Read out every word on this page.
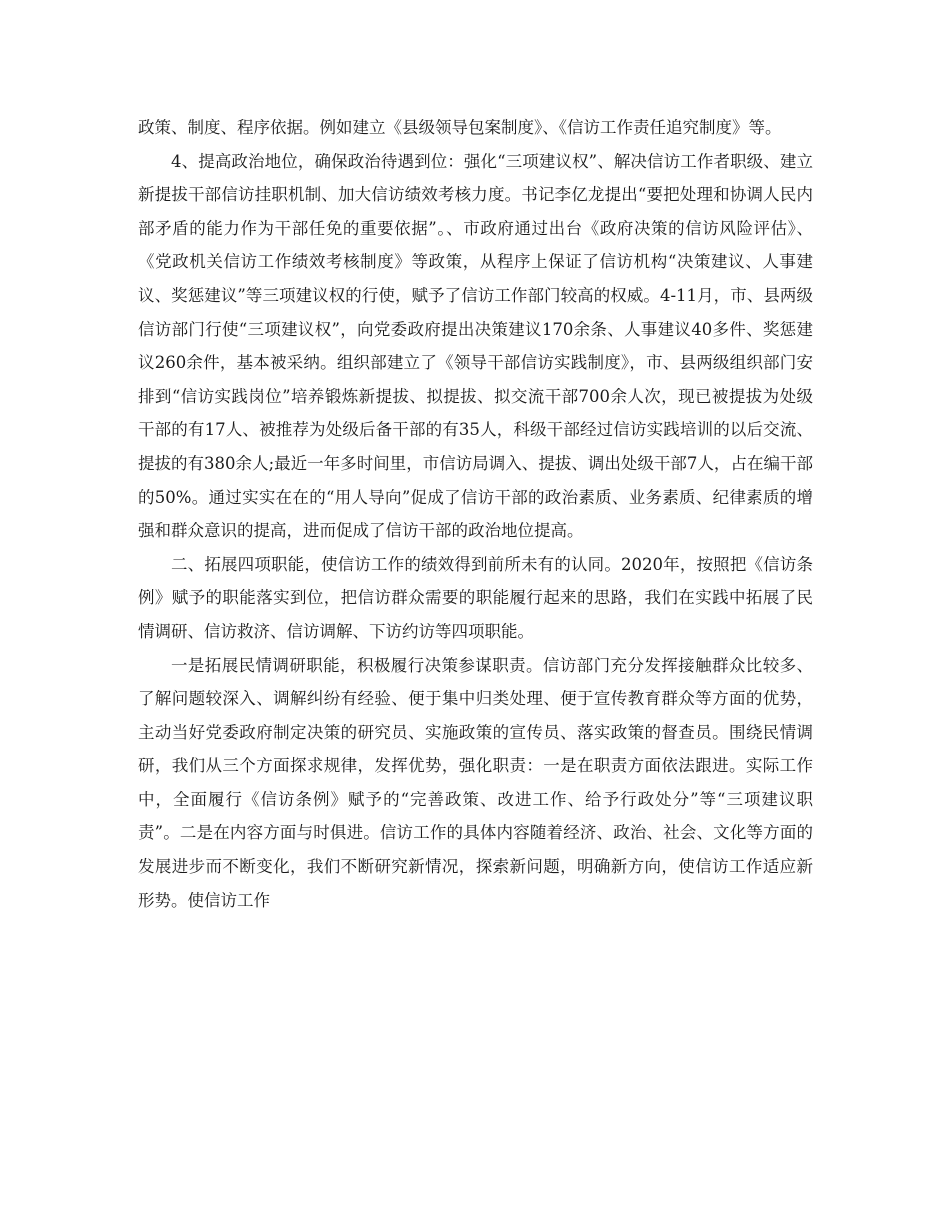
政策、制度、程序依据。例如建立《县级领导包案制度》、《信访工作责任追究制度》等。

4、提高政治地位，确保政治待遇到位：强化“三项建议权”、解决信访工作者职级、建立新提拔干部信访挂职机制、加大信访绩效考核力度。书记李亿龙提出“要把处理和协调人民内部矛盾的能力作为干部任免的重要依据”。、市政府通过出台《政府决策的信访风险评估》、《党政机关信访工作绩效考核制度》等政策，从程序上保证了信访机构“决策建议、人事建议、奖惩建议”等三项建议权的行使，赋予了信访工作部门较高的权威。4-11月，市、县两级信访部门行使“三项建议权”，向党委政府提出决策建议170余条、人事建议40多件、奖惩建议260余件，基本被采纳。组织部建立了《领导干部信访实践制度》，市、县两级组织部门安排到“信访实践岗位”培养锻炼新提拔、拟提拔、拟交流干部700余人次，现已被提拔为处级干部的有17人、被推荐为处级后备干部的有35人，科级干部经过信访实践培训的以后交流、提拔的有380余人;最近一年多时间里，市信访局调入、提拔、调出处级干部7人，占在编干部的50%。通过实实在在的“用人导向”促成了信访干部的政治素质、业务素质、纪律素质的增强和群众意识的提高，进而促成了信访干部的政治地位提高。

二、拓展四项职能，使信访工作的绩效得到前所未有的认同。2020年，按照把《信访条例》赋予的职能落实到位，把信访群众需要的职能履行起来的思路，我们在实践中拓展了民情调研、信访救济、信访调解、下访约访等四项职能。

一是拓展民情调研职能，积极履行决策参谋职责。信访部门充分发挥接触群众比较多、了解问题较深入、调解纠纷有经验、便于集中归类处理、便于宣传教育群众等方面的优势，主动当好党委政府制定决策的研究员、实施政策的宣传员、落实政策的督查员。围绕民情调研，我们从三个方面探求规律，发挥优势，强化职责：一是在职责方面依法跟进。实际工作中，全面履行《信访条例》赋予的“完善政策、改进工作、给予行政处分”等“三项建议职责”。二是在内容方面与时俱进。信访工作的具体内容随着经济、政治、社会、文化等方面的发展进步而不断变化，我们不断研究新情况，探索新问题，明确新方向，使信访工作适应新形势。使信访工作
